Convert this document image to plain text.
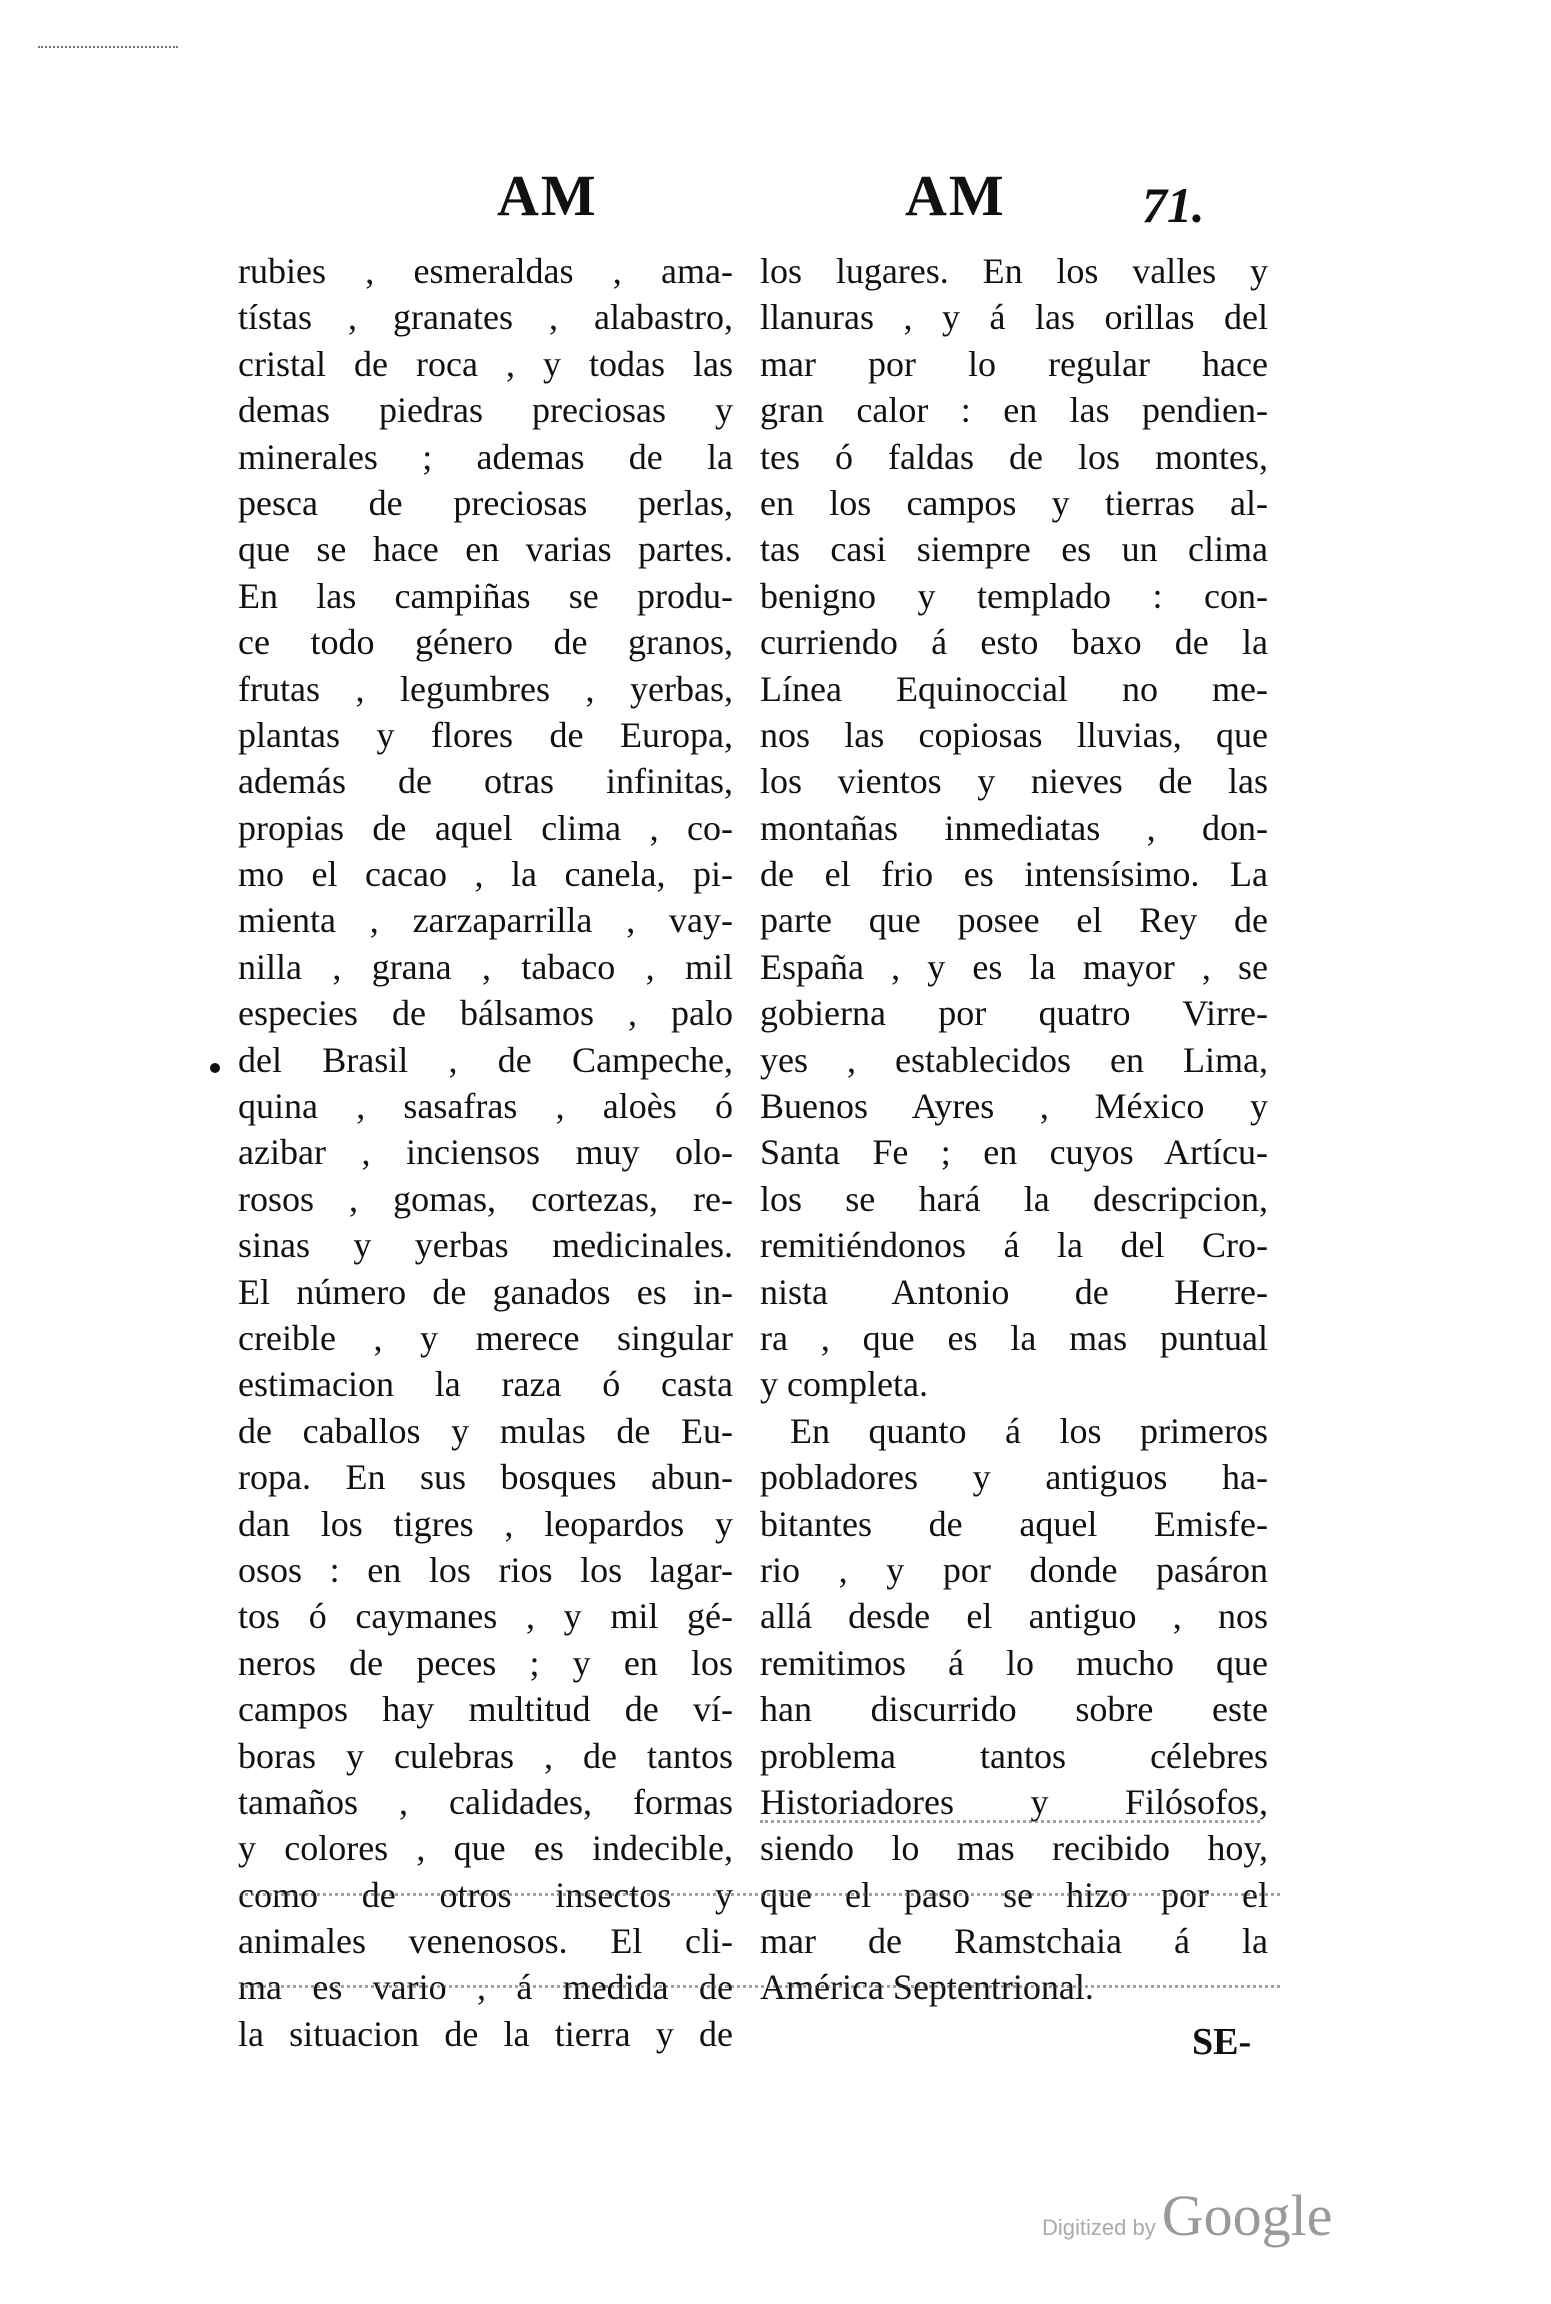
AM	AM	71.
rubies , esmeraldas , ama-
tístas , granates , alabastro,
cristal de roca , y todas las
demas piedras preciosas y
minerales ; ademas de la
pesca de preciosas perlas,
que se hace en varias partes.
En las campiñas se produ-
ce todo género de granos,
frutas , legumbres , yerbas,
plantas y flores de Europa,
además de otras infinitas,
propias de aquel clima , co-
mo el cacao , la canela, pi-
mienta , zarzaparrilla , vay-
nilla , grana , tabaco , mil
especies de bálsamos , palo
del Brasil , de Campeche,
quina , sasafras , aloès ó
azibar , inciensos muy olo-
rosos , gomas, cortezas, re-
sinas y yerbas medicinales.
El número de ganados es in-
creible , y merece singular
estimacion la raza ó casta
de caballos y mulas de Eu-
ropa. En sus bosques abun-
dan los tigres , leopardos y
osos : en los rios los lagar-
tos ó caymanes , y mil gé-
neros de peces ; y en los
campos hay multitud de ví-
boras y culebras , de tantos
tamaños , calidades, formas
y colores , que es indecible,
como de otros insectos y
animales venenosos. El cli-
ma es vario , á medida de
la situacion de la tierra y de
los lugares. En los valles y
llanuras , y á las orillas del
mar por lo regular hace
gran calor : en las pendien-
tes ó faldas de los montes,
en los campos y tierras al-
tas casi siempre es un clima
benigno y templado : con-
curriendo á esto baxo de la
Línea Equinoccial no me-
nos las copiosas lluvias, que
los vientos y nieves de las
montañas inmediatas , don-
de el frio es intensísimo. La
parte que posee el Rey de
España , y es la mayor , se
gobierna por quatro Virre-
yes , establecidos en Lima,
Buenos Ayres , México y
Santa Fe ; en cuyos Artícu-
los se hará la descripcion,
remitiéndonos á la del Cro-
nista Antonio de Herre-
ra , que es la mas puntual
y completa.
En quanto á los primeros
pobladores y antiguos ha-
bitantes de aquel Emisfe-
rio , y por donde pasáron
allá desde el antiguo , nos
remitimos á lo mucho que
han discurrido sobre este
problema tantos célebres
Historiadores y Filósofos,
siendo lo mas recibido hoy,
que el paso se hizo por el
mar de Ramstchaia á la
América Septentrional.
SE-
Digitized by Google
